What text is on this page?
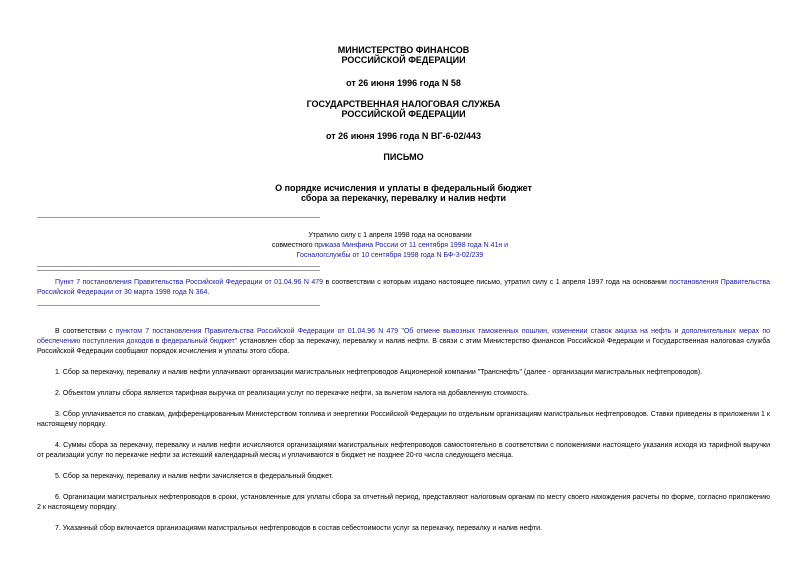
МИНИСТЕРСТВО ФИНАНСОВ
РОССИЙСКОЙ ФЕДЕРАЦИИ
от 26 июня 1996 года N 58
ГОСУДАРСТВЕННАЯ НАЛОГОВАЯ СЛУЖБА
РОССИЙСКОЙ ФЕДЕРАЦИИ
от 26 июня 1996 года N ВГ-6-02/443
ПИСЬМО
О порядке исчисления и уплаты в федеральный бюджет
сбора за перекачку, перевалку и налив нефти
Утратило силу с 1 апреля 1998 года на основании
совместного приказа Минфина России от 11 сентября 1998 года N 41н и
Госналогслужбы от 10 сентября 1998 года N БФ-3-02/239

Пункт 7 постановления Правительства Российской Федерации от 01.04.96 N 479 в соответствии с которым издано настоящее письмо, утратил силу с 1 апреля 1997 года на основании постановления Правительства Российской Федерации от 30 марта 1998 года N 364.

В соответствии с пунктом 7 постановления Правительства Российской Федерации от 01.04.96 N 479 "Об отмене вывозных таможенных пошлин, изменении ставок акциза на нефть и дополнительных мерах по обеспечению поступления доходов в федеральный бюджет" установлен сбор за перекачку, перевалку и налив нефти. В связи с этим Министерство финансов Российской Федерации и Государственная налоговая служба Российской Федерации сообщают порядок исчисления и уплаты этого сбора.

1. Сбор за перекачку, перевалку и налив нефти уплачивают организации магистральных нефтепроводов Акционерной компании "Транснефть" (далее - организации магистральных нефтепроводов).

2. Объектом уплаты сбора является тарифная выручка от реализации услуг по перекачке нефти, за вычетом налога на добавленную стоимость.

3. Сбор уплачивается по ставкам, дифференцированным Министерством топлива и энергетики Российской Федерации по отдельным организациям магистральных нефтепроводов. Ставки приведены в приложении 1 к настоящему порядку.

4. Суммы сбора за перекачку, перевалку и налив нефти исчисляются организациями магистральных нефтепроводов самостоятельно в соответствии с положениями настоящего указания исходя из тарифной выручки от реализации услуг по перекачке нефти за истекший календарный месяц и уплачиваются в бюджет не позднее 20-го числа следующего месяца.

5. Сбор за перекачку, перевалку и налив нефти зачисляется в федеральный бюджет.

6. Организации магистральных нефтепроводов в сроки, установленные для уплаты сбора за отчетный период, представляют налоговым органам по месту своего нахождения расчеты по форме, согласно приложению 2 к настоящему порядку.

7. Указанный сбор включается организациями магистральных нефтепроводов в состав себестоимости услуг за перекачку, перевалку и налив нефти.
